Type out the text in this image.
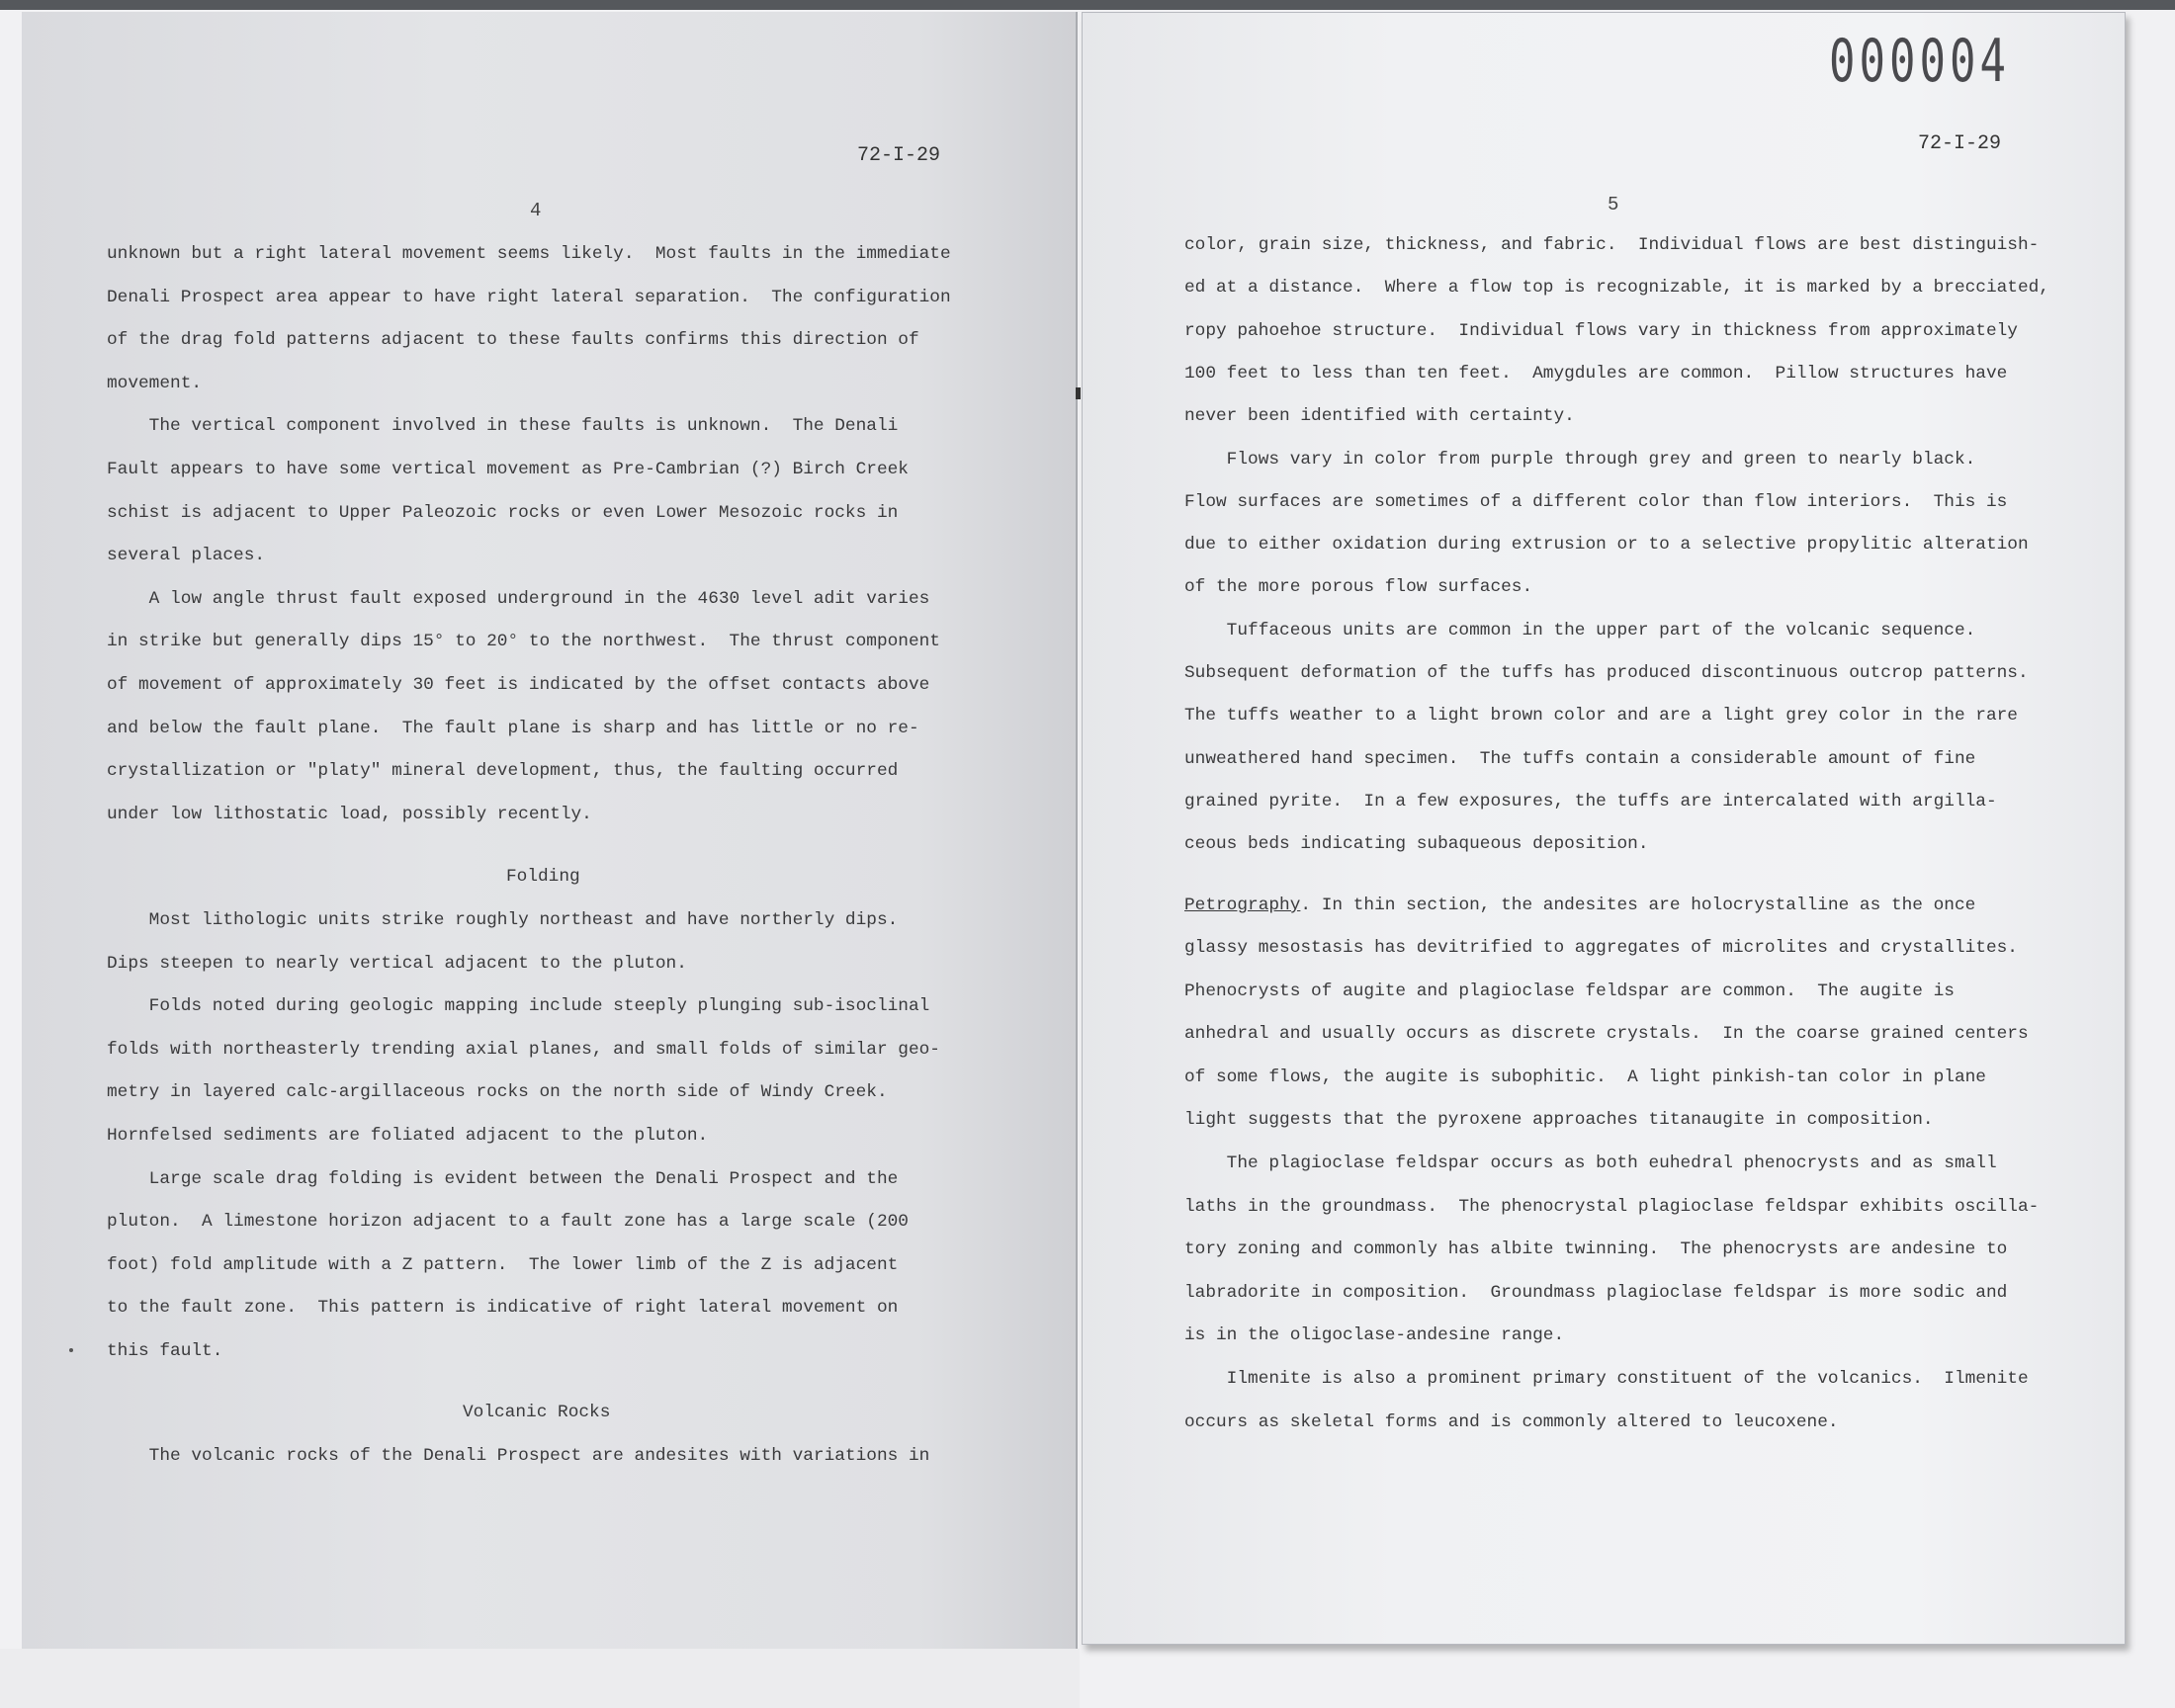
000004
72-I-29
4
72-I-29
5
unknown but a right lateral movement seems likely.  Most faults in the immediate
Denali Prospect area appear to have right lateral separation.  The configuration
of the drag fold patterns adjacent to these faults confirms this direction of
movement.
The vertical component involved in these faults is unknown.  The Denali
Fault appears to have some vertical movement as Pre-Cambrian (?) Birch Creek
schist is adjacent to Upper Paleozoic rocks or even Lower Mesozoic rocks in
several places.
A low angle thrust fault exposed underground in the 4630 level adit varies
in strike but generally dips 15° to 20° to the northwest.  The thrust component
of movement of approximately 30 feet is indicated by the offset contacts above
and below the fault plane.  The fault plane is sharp and has little or no re-
crystallization or "platy" mineral development, thus, the faulting occurred
under low lithostatic load, possibly recently.
Folding
Most lithologic units strike roughly northeast and have northerly dips.
Dips steepen to nearly vertical adjacent to the pluton.
Folds noted during geologic mapping include steeply plunging sub-isoclinal
folds with northeasterly trending axial planes, and small folds of similar geo-
metry in layered calc-argillaceous rocks on the north side of Windy Creek.
Hornfelsed sediments are foliated adjacent to the pluton.
Large scale drag folding is evident between the Denali Prospect and the
pluton.  A limestone horizon adjacent to a fault zone has a large scale (200
foot) fold amplitude with a Z pattern.  The lower limb of the Z is adjacent
to the fault zone.  This pattern is indicative of right lateral movement on
this fault.
Volcanic Rocks
The volcanic rocks of the Denali Prospect are andesites with variations in
color, grain size, thickness, and fabric.  Individual flows are best distinguish-
ed at a distance.  Where a flow top is recognizable, it is marked by a brecciated,
ropy pahoehoe structure.  Individual flows vary in thickness from approximately
100 feet to less than ten feet.  Amygdules are common.  Pillow structures have
never been identified with certainty.
Flows vary in color from purple through grey and green to nearly black.
Flow surfaces are sometimes of a different color than flow interiors.  This is
due to either oxidation during extrusion or to a selective propylitic alteration
of the more porous flow surfaces.
Tuffaceous units are common in the upper part of the volcanic sequence.
Subsequent deformation of the tuffs has produced discontinuous outcrop patterns.
The tuffs weather to a light brown color and are a light grey color in the rare
unweathered hand specimen.  The tuffs contain a considerable amount of fine
grained pyrite.  In a few exposures, the tuffs are intercalated with argilla-
ceous beds indicating subaqueous deposition.
Petrography. In thin section, the andesites are holocrystalline as the once
glassy mesostasis has devitrified to aggregates of microlites and crystallites.
Phenocrysts of augite and plagioclase feldspar are common.  The augite is
anhedral and usually occurs as discrete crystals.  In the coarse grained centers
of some flows, the augite is subophitic.  A light pinkish-tan color in plane
light suggests that the pyroxene approaches titanaugite in composition.
The plagioclase feldspar occurs as both euhedral phenocrysts and as small
laths in the groundmass.  The phenocrystal plagioclase feldspar exhibits oscilla-
tory zoning and commonly has albite twinning.  The phenocrysts are andesine to
labradorite in composition.  Groundmass plagioclase feldspar is more sodic and
is in the oligoclase-andesine range.
Ilmenite is also a prominent primary constituent of the volcanics.  Ilmenite
occurs as skeletal forms and is commonly altered to leucoxene.
